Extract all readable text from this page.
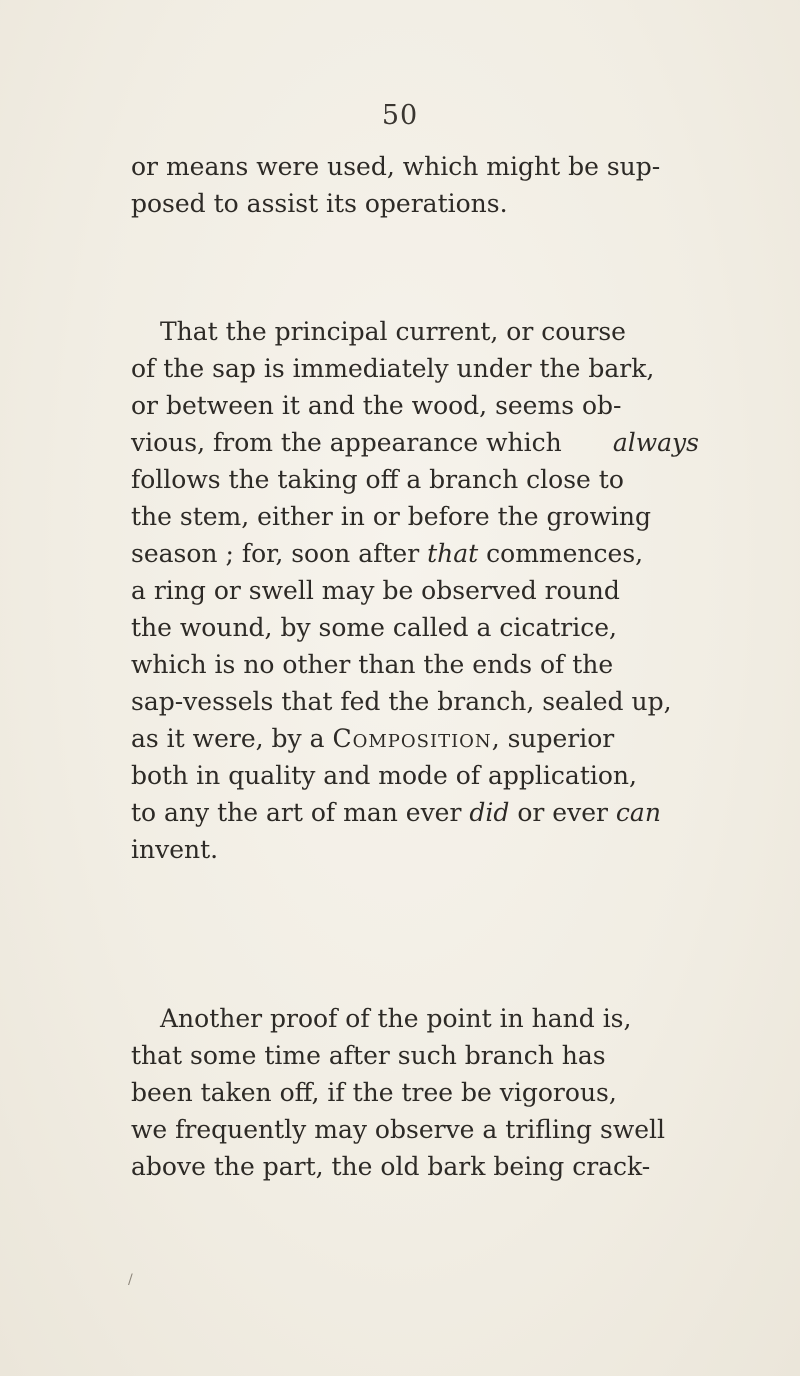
50
or means were used, which might be sup-
posed to assist its operations.
That the principal current, or course
of the sap is immediately under the bark,
or between it and the wood, seems ob-
vious, from the appearance which always
follows the taking off a branch close to
the stem, either in or before the growing
season ; for, soon after that commences,
a ring or swell may be observed round
the wound, by some called a cicatrice,
which is no other than the ends of the
sap-vessels that fed the branch, sealed up,
as it were, by a Composition, superior
both in quality and mode of application,
to any the art of man ever did or ever can
invent.
Another proof of the point in hand is,
that some time after such branch has
been taken off, if the tree be vigorous,
we frequently may observe a trifling swell
above the part, the old bark being crack-
/
